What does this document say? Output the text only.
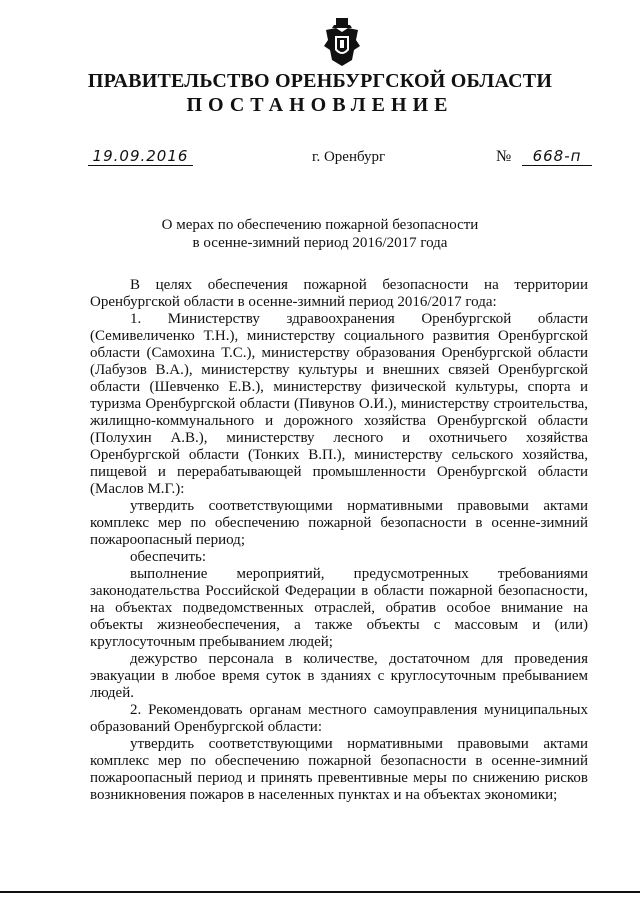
ПРАВИТЕЛЬСТВО ОРЕНБУРГСКОЙ ОБЛАСТИ
ПОСТАНОВЛЕНИЕ
19.09.2016	г. Оренбург	№	668-п
О мерах по обеспечению пожарной безопасности
в осенне-зимний период 2016/2017 года

В целях обеспечения пожарной безопасности на территории Оренбургской области в осенне-зимний период 2016/2017 года:

1. Министерству здравоохранения Оренбургской области (Семивеличенко Т.Н.), министерству социального развития Оренбургской области (Самохина Т.С.), министерству образования Оренбургской области (Лабузов В.А.), министерству культуры и внешних связей Оренбургской области (Шевченко Е.В.), министерству физической культуры, спорта и туризма Оренбургской области (Пивунов О.И.), министерству строительства, жилищно-коммунального и дорожного хозяйства Оренбургской области (Полухин А.В.), министерству лесного и охотничьего хозяйства Оренбургской области (Тонких В.П.), министерству сельского хозяйства, пищевой и перерабатывающей промышленности Оренбургской области (Маслов М.Г.):

утвердить соответствующими нормативными правовыми актами комплекс мер по обеспечению пожарной безопасности в осенне-зимний пожароопасный период;

обеспечить:

выполнение мероприятий, предусмотренных требованиями законодательства Российской Федерации в области пожарной безопасности, на объектах подведомственных отраслей, обратив особое внимание на объекты жизнеобеспечения, а также объекты с массовым и (или) круглосуточным пребыванием людей;

дежурство персонала в количестве, достаточном для проведения эвакуации в любое время суток в зданиях с круглосуточным пребыванием людей.

2. Рекомендовать органам местного самоуправления муниципальных образований Оренбургской области:

утвердить соответствующими нормативными правовыми актами комплекс мер по обеспечению пожарной безопасности в осенне-зимний пожароопасный период и принять превентивные меры по снижению рисков возникновения пожаров в населенных пунктах и на объектах экономики;
